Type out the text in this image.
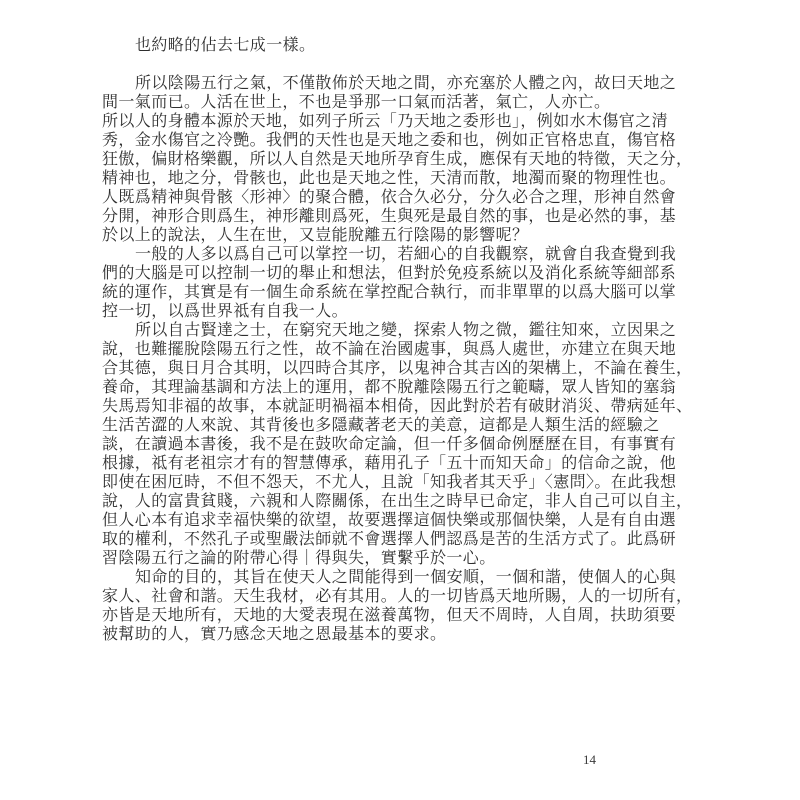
也約略的佔去七成一樣。
所以陰陽五行之氣，不僅散佈於天地之間，亦充塞於人體之內，故曰天地之
間一氣而已。人活在世上，不也是爭那一口氣而活著，氣亡，人亦亡。
所以人的身體本源於天地，如列子所云「乃天地之委形也」，例如水木傷官之清
秀，金水傷官之冷艷。我們的天性也是天地之委和也，例如正官格忠直，傷官格
狂傲，偏財格樂觀，所以人自然是天地所孕育生成，應保有天地的特徵，天之分，
精神也，地之分，骨骸也，此也是天地之性，天清而散，地濁而聚的物理性也。
人既爲精神與骨骸〈形神〉的聚合體，依合久必分，分久必合之理，形神自然會
分開，神形合則爲生，神形離則爲死，生與死是最自然的事，也是必然的事，基
於以上的說法，人生在世，又豈能脫離五行陰陽的影響呢？
一般的人多以爲自己可以掌控一切，若細心的自我觀察，就會自我查覺到我
們的大腦是可以控制一切的舉止和想法，但對於免疫系統以及消化系統等細部系
統的運作，其實是有一個生命系統在掌控配合執行，而非單單的以爲大腦可以掌
控一切，以爲世界祗有自我一人。
所以自古賢達之士，在窮究天地之變，探索人物之微，鑑往知來，立因果之
說，也難擺脫陰陽五行之性，故不論在治國處事，與爲人處世，亦建立在與天地
合其德，與日月合其明，以四時合其序，以鬼神合其吉凶的架構上，不論在養生，
養命，其理論基調和方法上的運用，都不脫離陰陽五行之範疇，眾人皆知的塞翁
失馬焉知非福的故事，本就証明禍福本相倚，因此對於若有破財消災、帶病延年、
生活苦澀的人來說、其背後也多隱藏著老天的美意，這都是人類生活的經驗之
談，在讀過本書後，我不是在鼓吹命定論，但一仟多個命例歷歷在目，有事實有
根據，祗有老祖宗才有的智慧傳承，藉用孔子「五十而知天命」的信命之說，他
即使在困厄時，不但不怨天，不尤人，且說「知我者其天乎」〈憲問〉。在此我想
說，人的富貴貧賤，六親和人際關係，在出生之時早已命定，非人自己可以自主，
但人心本有追求幸福快樂的欲望，故要選擇這個快樂或那個快樂，人是有自由選
取的權利，不然孔子或聖嚴法師就不會選擇人們認爲是苦的生活方式了。此爲研
習陰陽五行之論的附帶心得｜得與失，實繫乎於一心。
知命的目的，其旨在使天人之間能得到一個安順，一個和諧，使個人的心與
家人、社會和諧。天生我材，必有其用。人的一切皆爲天地所賜，人的一切所有，
亦皆是天地所有，天地的大愛表現在滋養萬物，但天不周時，人自周，扶助須要
被幫助的人，實乃感念天地之恩最基本的要求。
14
